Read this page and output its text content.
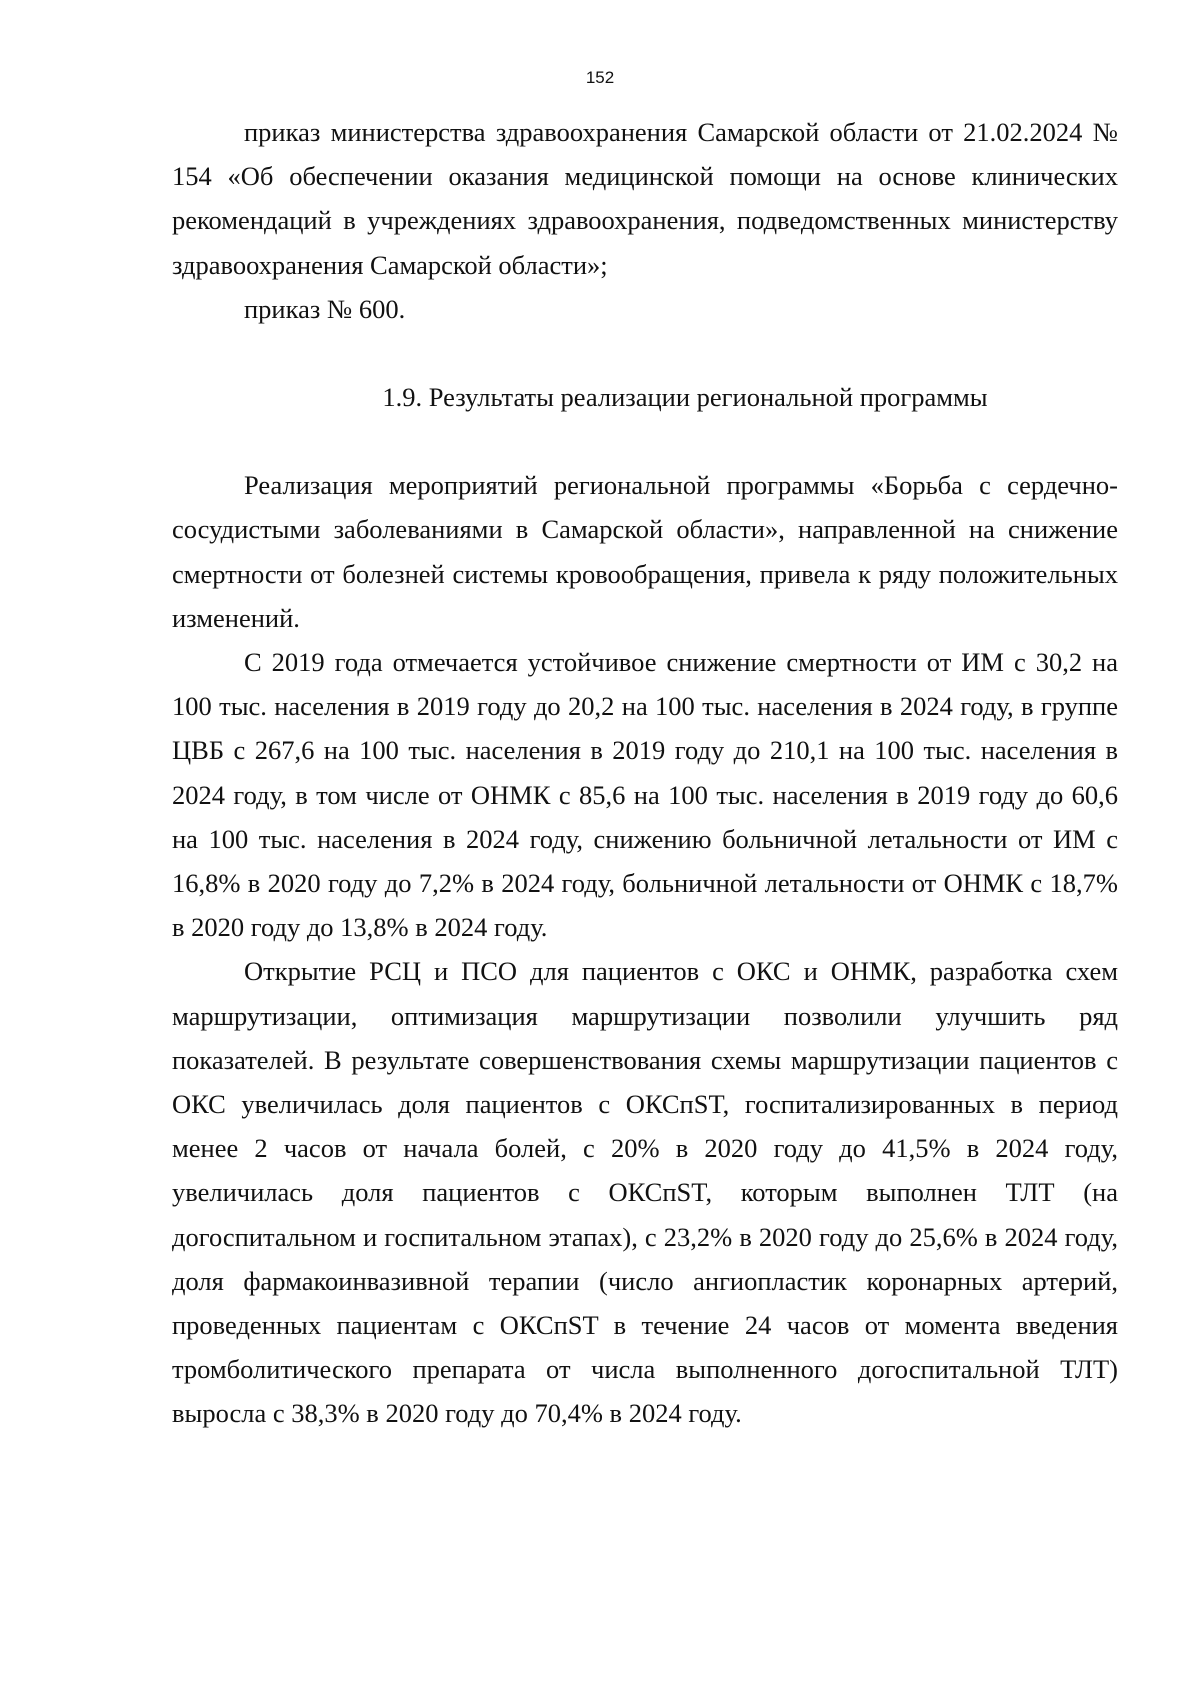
152

приказ министерства здравоохранения Самарской области от 21.02.2024 № 154 «Об обеспечении оказания медицинской помощи на основе клинических рекомендаций в учреждениях здравоохранения, подведомственных министерству здравоохранения Самарской области»;

приказ № 600.

1.9. Результаты реализации региональной программы

Реализация мероприятий региональной программы «Борьба с сердечно-сосудистыми заболеваниями в Самарской области», направленной на снижение смертности от болезней системы кровообращения, привела к ряду положительных изменений.

С 2019 года отмечается устойчивое снижение смертности от ИМ с 30,2 на 100 тыс. населения в 2019 году до 20,2 на 100 тыс. населения в 2024 году, в группе ЦВБ с 267,6 на 100 тыс. населения в 2019 году до 210,1 на 100 тыс. населения в 2024 году, в том числе от ОНМК с 85,6 на 100 тыс. населения в 2019 году до 60,6 на 100 тыс. населения в 2024 году, снижению больничной летальности от ИМ с 16,8% в 2020 году до 7,2% в 2024 году, больничной летальности от ОНМК с 18,7% в 2020 году до 13,8% в 2024 году.

Открытие РСЦ и ПСО для пациентов с ОКС и ОНМК, разработка схем маршрутизации, оптимизация маршрутизации позволили улучшить ряд показателей. В результате совершенствования схемы маршрутизации пациентов с ОКС увеличилась доля пациентов с ОКСпST, госпитализированных в период менее 2 часов от начала болей, с 20% в 2020 году до 41,5% в 2024 году, увеличилась доля пациентов с ОКСпST, которым выполнен ТЛТ (на догоспитальном и госпитальном этапах), с 23,2% в 2020 году до 25,6% в 2024 году, доля фармакоинвазивной терапии (число ангиопластик коронарных артерий, проведенных пациентам с ОКСпST в течение 24 часов от момента введения тромболитического препарата от числа выполненного догоспитальной ТЛТ) выросла с 38,3% в 2020 году до 70,4% в 2024 году.
